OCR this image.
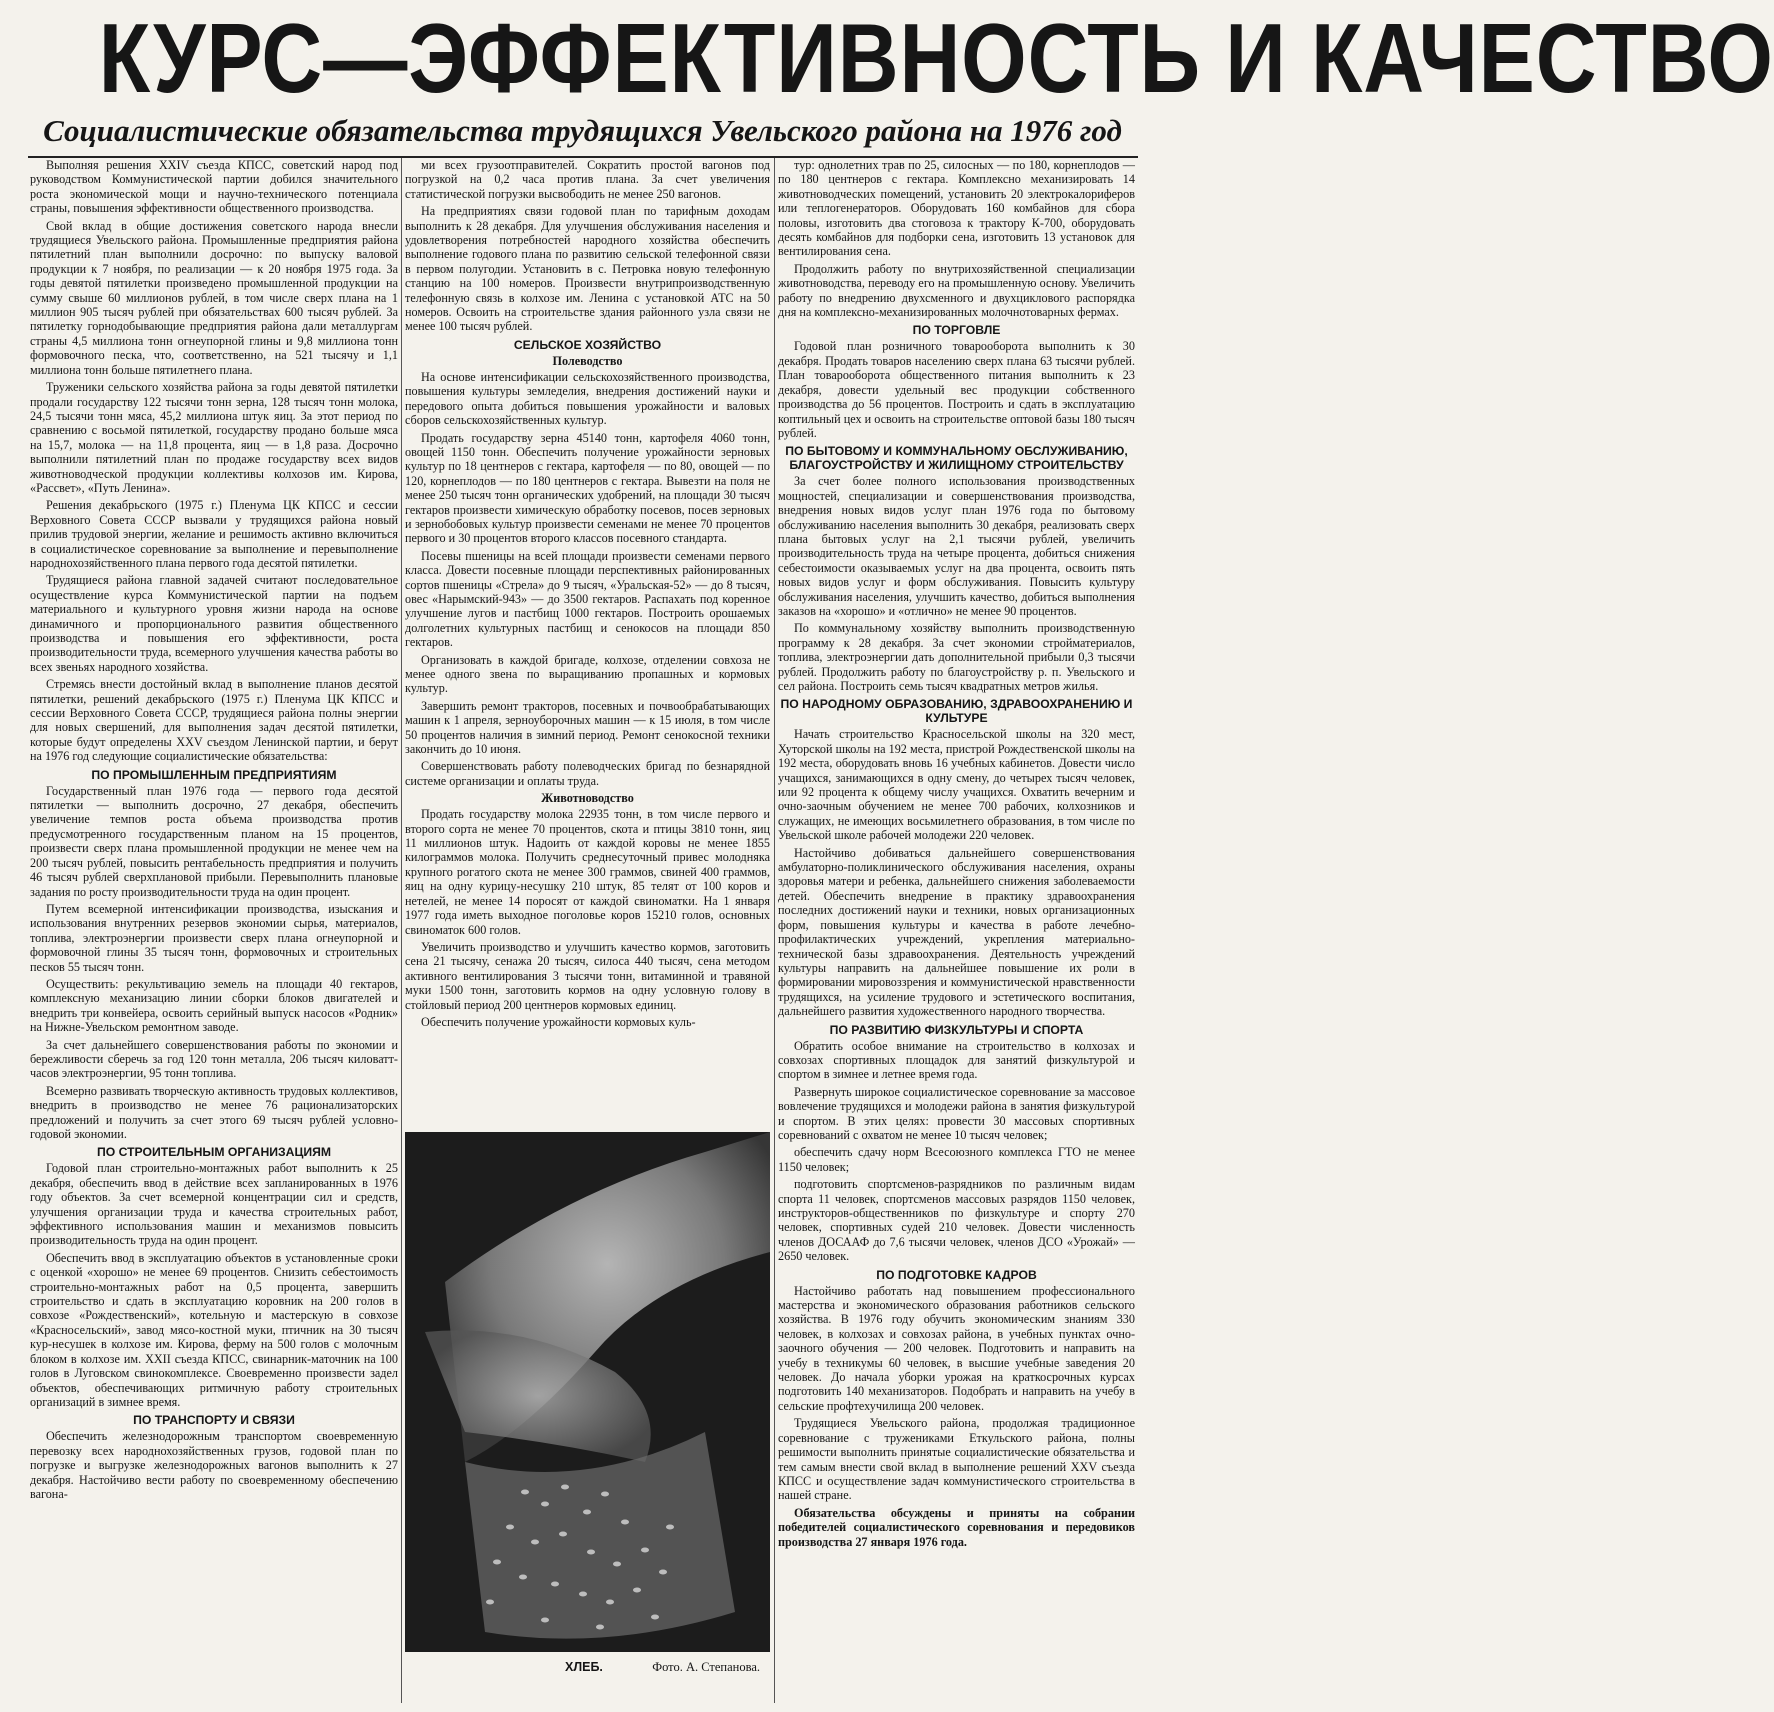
КУРС—ЭФФЕКТИВНОСТЬ И КАЧЕСТВО
Социалистические обязательства трудящихся Увельского района на 1976 год

Выполняя решения XXIV съезда КПСС, советский народ под руководством Коммунистической партии добился значительного роста экономической мощи и научно-технического потенциала страны, повышения эффективности общественного производства.

Свой вклад в общие достижения советского народа внесли трудящиеся Увельского района. Промышленные предприятия района пятилетний план выполнили досрочно: по выпуску валовой продукции к 7 ноября, по реализации — к 20 ноября 1975 года. За годы девятой пятилетки произведено промышленной продукции на сумму свыше 60 миллионов рублей, в том числе сверх плана на 1 миллион 905 тысяч рублей при обязательствах 600 тысяч рублей. За пятилетку горнодобывающие предприятия района дали металлургам страны 4,5 миллиона тонн огнеупорной глины и 9,8 миллиона тонн формовочного песка, что, соответственно, на 521 тысячу и 1,1 миллиона тонн больше пятилетнего плана.

Труженики сельского хозяйства района за годы девятой пятилетки продали государству 122 тысячи тонн зерна, 128 тысяч тонн молока, 24,5 тысячи тонн мяса, 45,2 миллиона штук яиц. За этот период по сравнению с восьмой пятилеткой, государству продано больше мяса на 15,7, молока — на 11,8 процента, яиц — в 1,8 раза. Досрочно выполнили пятилетний план по продаже государству всех видов животноводческой продукции коллективы колхозов им. Кирова, «Рассвет», «Путь Ленина».

Решения декабрьского (1975 г.) Пленума ЦК КПСС и сессии Верховного Совета СССР вызвали у трудящихся района новый прилив трудовой энергии, желание и решимость активно включиться в социалистическое соревнование за выполнение и перевыполнение народнохозяйственного плана первого года десятой пятилетки.

Трудящиеся района главной задачей считают последовательное осуществление курса Коммунистической партии на подъем материального и культурного уровня жизни народа на основе динамичного и пропорционального развития общественного производства и повышения его эффективности, роста производительности труда, всемерного улучшения качества работы во всех звеньях народного хозяйства.

Стремясь внести достойный вклад в выполнение планов десятой пятилетки, решений декабрьского (1975 г.) Пленума ЦК КПСС и сессии Верховного Совета СССР, трудящиеся района полны энергии для новых свершений, для выполнения задач десятой пятилетки, которые будут определены XXV съездом Ленинской партии, и берут на 1976 год следующие социалистические обязательства:

ПО ПРОМЫШЛЕННЫМ ПРЕДПРИЯТИЯМ

Государственный план 1976 года — первого года десятой пятилетки — выполнить досрочно, 27 декабря, обеспечить увеличение темпов роста объема производства против предусмотренного государственным планом на 15 процентов, произвести сверх плана промышленной продукции не менее чем на 200 тысяч рублей, повысить рентабельность предприятия и получить 46 тысяч рублей сверхплановой прибыли. Перевыполнить плановые задания по росту производительности труда на один процент.

Путем всемерной интенсификации производства, изыскания и использования внутренних резервов экономии сырья, материалов, топлива, электроэнергии произвести сверх плана огнеупорной и формовочной глины 35 тысяч тонн, формовочных и строительных песков 55 тысяч тонн.

Осуществить: рекультивацию земель на площади 40 гектаров, комплексную механизацию линии сборки блоков двигателей и внедрить три конвейера, освоить серийный выпуск насосов «Родник» на Нижне-Увельском ремонтном заводе.

За счет дальнейшего совершенствования работы по экономии и бережливости сберечь за год 120 тонн металла, 206 тысяч киловатт-часов электроэнергии, 95 тонн топлива.

Всемерно развивать творческую активность трудовых коллективов, внедрить в производство не менее 76 рационализаторских предложений и получить за счет этого 69 тысяч рублей условно-годовой экономии.

ПО СТРОИТЕЛЬНЫМ ОРГАНИЗАЦИЯМ

Годовой план строительно-монтажных работ выполнить к 25 декабря, обеспечить ввод в действие всех запланированных в 1976 году объектов. За счет всемерной концентрации сил и средств, улучшения организации труда и качества строительных работ, эффективного использования машин и механизмов повысить производительность труда на один процент.

Обеспечить ввод в эксплуатацию объектов в установленные сроки с оценкой «хорошо» не менее 69 процентов. Снизить себестоимость строительно-монтажных работ на 0,5 процента, завершить строительство и сдать в эксплуатацию коровник на 200 голов в совхозе «Рождественский», котельную и мастерскую в совхозе «Красносельский», завод мясо-костной муки, птичник на 30 тысяч кур-несушек в колхозе им. Кирова, ферму на 500 голов с молочным блоком в колхозе им. XXII съезда КПСС, свинарник-маточник на 100 голов в Луговском свинокомплексе. Своевременно произвести задел объектов, обеспечивающих ритмичную работу строительных организаций в зимнее время.

ПО ТРАНСПОРТУ И СВЯЗИ

Обеспечить железнодорожным транспортом своевременную перевозку всех народнохозяйственных грузов, годовой план по погрузке и выгрузке железнодорожных вагонов выполнить к 27 декабря. Настойчиво вести работу по своевременному обеспечению вагона-

ми всех грузоотправителей. Сократить простой вагонов под погрузкой на 0,2 часа против плана. За счет увеличения статистической погрузки высвободить не менее 250 вагонов.

На предприятиях связи годовой план по тарифным доходам выполнить к 28 декабря. Для улучшения обслуживания населения и удовлетворения потребностей народного хозяйства обеспечить выполнение годового плана по развитию сельской телефонной связи в первом полугодии. Установить в с. Петровка новую телефонную станцию на 100 номеров. Произвести внутрипроизводственную телефонную связь в колхозе им. Ленина с установкой АТС на 50 номеров. Освоить на строительстве здания районного узла связи не менее 100 тысяч рублей.

СЕЛЬСКОЕ ХОЗЯЙСТВО
Полеводство

На основе интенсификации сельскохозяйственного производства, повышения культуры земледелия, внедрения достижений науки и передового опыта добиться повышения урожайности и валовых сборов сельскохозяйственных культур.

Продать государству зерна 45140 тонн, картофеля 4060 тонн, овощей 1150 тонн. Обеспечить получение урожайности зерновых культур по 18 центнеров с гектара, картофеля — по 80, овощей — по 120, корнеплодов — по 180 центнеров с гектара. Вывезти на поля не менее 250 тысяч тонн органических удобрений, на площади 30 тысяч гектаров произвести химическую обработку посевов, посев зерновых и зернобобовых культур произвести семенами не менее 70 процентов первого и 30 процентов второго классов посевного стандарта.

Посевы пшеницы на всей площади произвести семенами первого класса. Довести посевные площади перспективных районированных сортов пшеницы «Стрела» до 9 тысяч, «Уральская-52» — до 8 тысяч, овес «Нарымский-943» — до 3500 гектаров. Распахать под коренное улучшение лугов и пастбищ 1000 гектаров. Построить орошаемых долголетних культурных пастбищ и сенокосов на площади 850 гектаров.

Организовать в каждой бригаде, колхозе, отделении совхоза не менее одного звена по выращиванию пропашных и кормовых культур.

Завершить ремонт тракторов, посевных и почвообрабатывающих машин к 1 апреля, зерноуборочных машин — к 15 июля, в том числе 50 процентов наличия в зимний период. Ремонт сенокосной техники закончить до 10 июня.

Совершенствовать работу полеводческих бригад по безнарядной системе организации и оплаты труда.

Животноводство

Продать государству молока 22935 тонн, в том числе первого и второго сорта не менее 70 процентов, скота и птицы 3810 тонн, яиц 11 миллионов штук. Надоить от каждой коровы не менее 1855 килограммов молока. Получить среднесуточный привес молодняка крупного рогатого скота не менее 300 граммов, свиней 400 граммов, яиц на одну курицу-несушку 210 штук, 85 телят от 100 коров и нетелей, не менее 14 поросят от каждой свиноматки. На 1 января 1977 года иметь выходное поголовье коров 15210 голов, основных свиноматок 600 голов.

Увеличить производство и улучшить качество кормов, заготовить сена 21 тысячу, сенажа 20 тысяч, силоса 440 тысяч, сена методом активного вентилирования 3 тысячи тонн, витаминной и травяной муки 1500 тонн, заготовить кормов на одну условную голову в стойловый период 200 центнеров кормовых единиц.

Обеспечить получение урожайности кормовых куль-

ХЛЕБ.	Фото. А. Степанова.

тур: однолетних трав по 25, силосных — по 180, корнеплодов — по 180 центнеров с гектара. Комплексно механизировать 14 животноводческих помещений, установить 20 электрокалориферов или теплогенераторов. Оборудовать 160 комбайнов для сбора половы, изготовить два стоговоза к трактору К-700, оборудовать десять комбайнов для подборки сена, изготовить 13 установок для вентилирования сена.

Продолжить работу по внутрихозяйственной специализации животноводства, переводу его на промышленную основу. Увеличить работу по внедрению двухсменного и двухциклового распорядка дня на комплексно-механизированных молочнотоварных фермах.

ПО ТОРГОВЛЕ

Годовой план розничного товарооборота выполнить к 30 декабря. Продать товаров населению сверх плана 63 тысячи рублей. План товарооборота общественного питания выполнить к 23 декабря, довести удельный вес продукции собственного производства до 56 процентов. Построить и сдать в эксплуатацию коптильный цех и освоить на строительстве оптовой базы 180 тысяч рублей.

ПО БЫТОВОМУ И КОММУНАЛЬНОМУ ОБСЛУЖИВАНИЮ, БЛАГОУСТРОЙСТВУ И ЖИЛИЩНОМУ СТРОИТЕЛЬСТВУ

За счет более полного использования производственных мощностей, специализации и совершенствования производства, внедрения новых видов услуг план 1976 года по бытовому обслуживанию населения выполнить 30 декабря, реализовать сверх плана бытовых услуг на 2,1 тысячи рублей, увеличить производительность труда на четыре процента, добиться снижения себестоимости оказываемых услуг на два процента, освоить пять новых видов услуг и форм обслуживания. Повысить культуру обслуживания населения, улучшить качество, добиться выполнения заказов на «хорошо» и «отлично» не менее 90 процентов.

По коммунальному хозяйству выполнить производственную программу к 28 декабря. За счет экономии стройматериалов, топлива, электроэнергии дать дополнительной прибыли 0,3 тысячи рублей. Продолжить работу по благоустройству р. п. Увельского и сел района. Построить семь тысяч квадратных метров жилья.

ПО НАРОДНОМУ ОБРАЗОВАНИЮ, ЗДРАВООХРАНЕНИЮ И КУЛЬТУРЕ

Начать строительство Красносельской школы на 320 мест, Хуторской школы на 192 места, пристрой Рождественской школы на 192 места, оборудовать вновь 16 учебных кабинетов. Довести число учащихся, занимающихся в одну смену, до четырех тысяч человек, или 92 процента к общему числу учащихся. Охватить вечерним и очно-заочным обучением не менее 700 рабочих, колхозников и служащих, не имеющих восьмилетнего образования, в том числе по Увельской школе рабочей молодежи 220 человек.

Настойчиво добиваться дальнейшего совершенствования амбулаторно-поликлинического обслуживания населения, охраны здоровья матери и ребенка, дальнейшего снижения заболеваемости детей. Обеспечить внедрение в практику здравоохранения последних достижений науки и техники, новых организационных форм, повышения культуры и качества в работе лечебно-профилактических учреждений, укрепления материально-технической базы здравоохранения. Деятельность учреждений культуры направить на дальнейшее повышение их роли в формировании мировоззрения и коммунистической нравственности трудящихся, на усиление трудового и эстетического воспитания, дальнейшего развития художественного народного творчества.

ПО РАЗВИТИЮ ФИЗКУЛЬТУРЫ И СПОРТА

Обратить особое внимание на строительство в колхозах и совхозах спортивных площадок для занятий физкультурой и спортом в зимнее и летнее время года.

Развернуть широкое социалистическое соревнование за массовое вовлечение трудящихся и молодежи района в занятия физкультурой и спортом. В этих целях: провести 30 массовых спортивных соревнований с охватом не менее 10 тысяч человек;

обеспечить сдачу норм Всесоюзного комплекса ГТО не менее 1150 человек;

подготовить спортсменов-разрядников по различным видам спорта 11 человек, спортсменов массовых разрядов 1150 человек, инструкторов-общественников по физкультуре и спорту 270 человек, спортивных судей 210 человек. Довести численность членов ДОСААФ до 7,6 тысячи человек, членов ДСО «Урожай» — 2650 человек.

ПО ПОДГОТОВКЕ КАДРОВ

Настойчиво работать над повышением профессионального мастерства и экономического образования работников сельского хозяйства. В 1976 году обучить экономическим знаниям 330 человек, в колхозах и совхозах района, в учебных пунктах очно-заочного обучения — 200 человек. Подготовить и направить на учебу в техникумы 60 человек, в высшие учебные заведения 20 человек. До начала уборки урожая на краткосрочных курсах подготовить 140 механизаторов. Подобрать и направить на учебу в сельские профтехучилища 200 человек.

Трудящиеся Увельского района, продолжая традиционное соревнование с тружениками Еткульского района, полны решимости выполнить принятые социалистические обязательства и тем самым внести свой вклад в выполнение решений XXV съезда КПСС и осуществление задач коммунистического строительства в нашей стране.

Обязательства обсуждены и приняты на собрании победителей социалистического соревнования и передовиков производства 27 января 1976 года.
